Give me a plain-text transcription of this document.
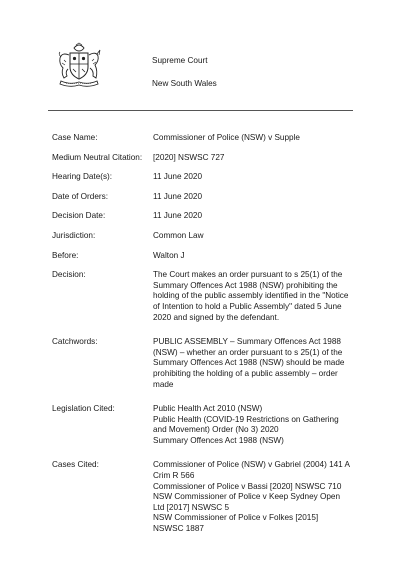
Supreme Court
New South Wales
Case Name:	Commissioner of Police (NSW) v Supple
Medium Neutral Citation:	[2020] NSWSC 727
Hearing Date(s):	11 June 2020
Date of Orders:	11 June 2020
Decision Date:	11 June 2020
Jurisdiction:	Common Law
Before:	Walton J
Decision:	The Court makes an order pursuant to s 25(1) of the
Summary Offences Act 1988 (NSW) prohibiting the
holding of the public assembly identified in the "Notice
of Intention to hold a Public Assembly" dated 5 June
2020 and signed by the defendant.
Catchwords:	PUBLIC ASSEMBLY – Summary Offences Act 1988
(NSW) – whether an order pursuant to s 25(1) of the
Summary Offences Act 1988 (NSW) should be made
prohibiting the holding of a public assembly – order
made
Legislation Cited:	Public Health Act 2010 (NSW)
Public Health (COVID-19 Restrictions on Gathering
and Movement) Order (No 3) 2020
Summary Offences Act 1988 (NSW)
Cases Cited:	Commissioner of Police (NSW) v Gabriel (2004) 141 A
Crim R 566
Commissioner of Police v Bassi [2020] NSWSC 710
NSW Commissioner of Police v Keep Sydney Open
Ltd [2017] NSWSC 5
NSW Commissioner of Police v Folkes [2015]
NSWSC 1887
